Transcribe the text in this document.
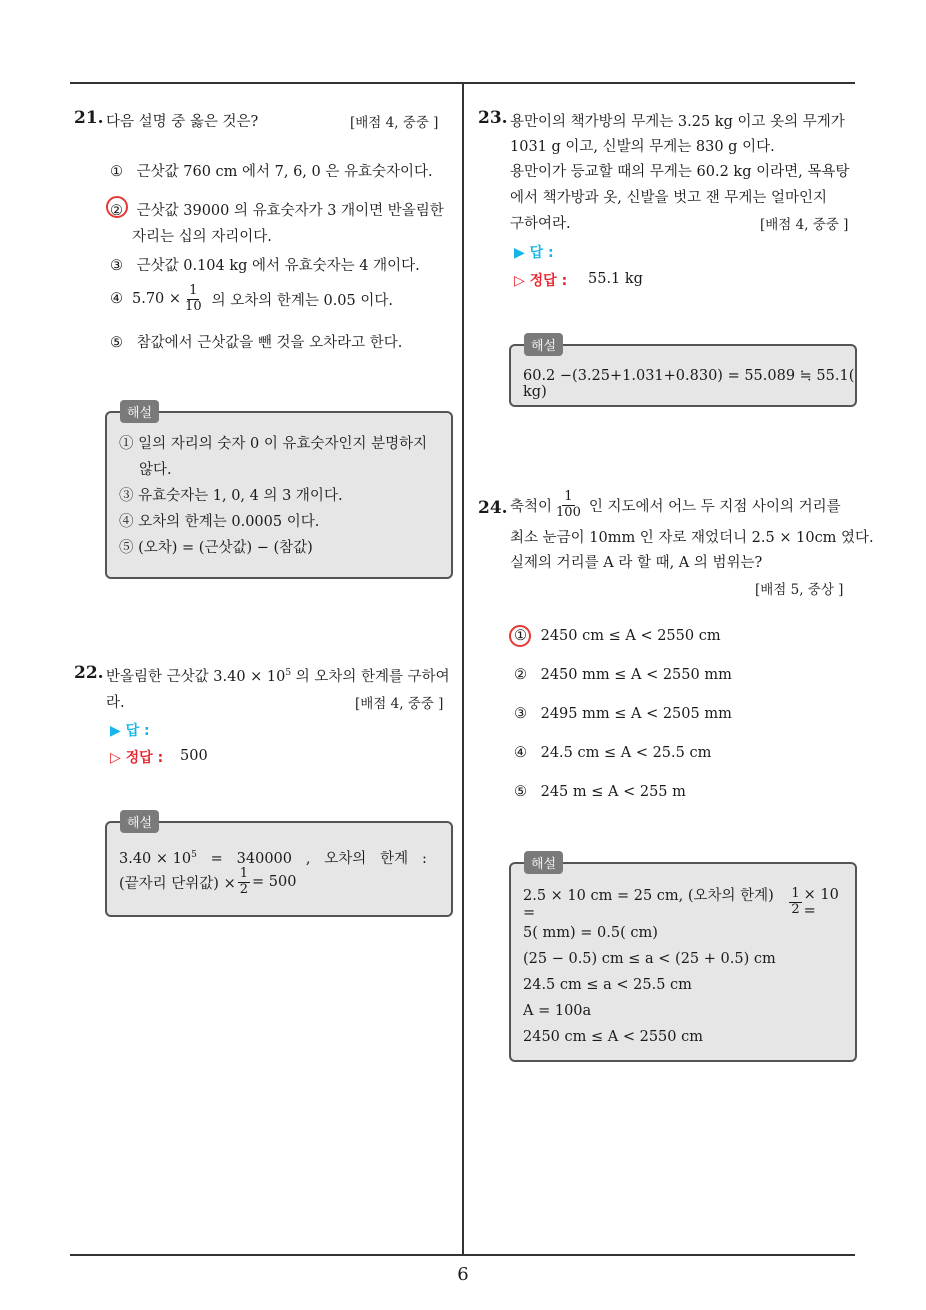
21. 다음 설명 중 옳은 것은?	[배점 4, 중중 ]
① 근삿값 760 cm 에서 7, 6, 0 은 유효숫자이다.
② 근삿값 39000 의 유효숫자가 3 개이면 반올림한
자리는 십의 자리이다.
③ 근삿값 0.104 kg 에서 유효숫자는 4 개이다.
④ $5.70 \times \frac{1}{10}$ 의 오차의 한계는 0.05 이다.
⑤ 참값에서 근삿값을 뺀 것을 오차라고 한다.
① 일의 자리의 숫자 0 이 유효숫자인지 분명하지
않다.
③ 유효숫자는 1, 0, 4 의 3 개이다.
④ 오차의 한계는 0.0005 이다.
⑤ (오차) = (근삿값) − (참값)
해설
22. 반올림한 근삿값 $3.40 \times 10^5$ 의 오차의 한계를 구하여
라.	[배점 4, 중중 ]
▶ 답 :
▷ 정답 : 500
$3.40 \times 10^5 = 340000$   ,   오차의   한계   :
(끝자리 단위값) × $\frac{1}{2} = 500$
해설
23. 용만이의 책가방의 무게는 3.25 kg 이고 옷의 무게가
1031 g 이고, 신발의 무게는 830 g 이다.
용만이가 등교할 때의 무게는 60.2 kg 이라면, 목욕탕
에서 책가방과 옷, 신발을 벗고 잰 무게는 얼마인지
구하여라.	[배점 4, 중중 ]
▶ 답 :
▷ 정답 : 55.1 kg
60.2 −(3.25+1.031+0.830) = 55.089 ≒ 55.1( kg)
해설
24. 축척이 $\frac{1}{100}$ 인 지도에서 어느 두 지점 사이의 거리를
최소 눈금이 10mm 인 자로 재었더니 2.5 × 10cm 였다.
실제의 거리를 A 라 할 때, A 의 범위는?
[배점 5, 중상 ]
① 2450 cm ≤ A < 2550 cm
② 2450 mm ≤ A < 2550 mm
③ 2495 mm ≤ A < 2505 mm
④ 24.5 cm ≤ A < 25.5 cm
⑤ 245 m ≤ A < 255 m
2.5 × 10 cm = 25 cm, (오차의 한계) =	$\frac{1}{2} \times 10$ =
5( mm) = 0.5( cm)
(25 − 0.5) cm ≤ a < (25 + 0.5) cm
24.5 cm ≤ a < 25.5 cm
A = 100a
2450 cm ≤ A < 2550 cm
해설
6
